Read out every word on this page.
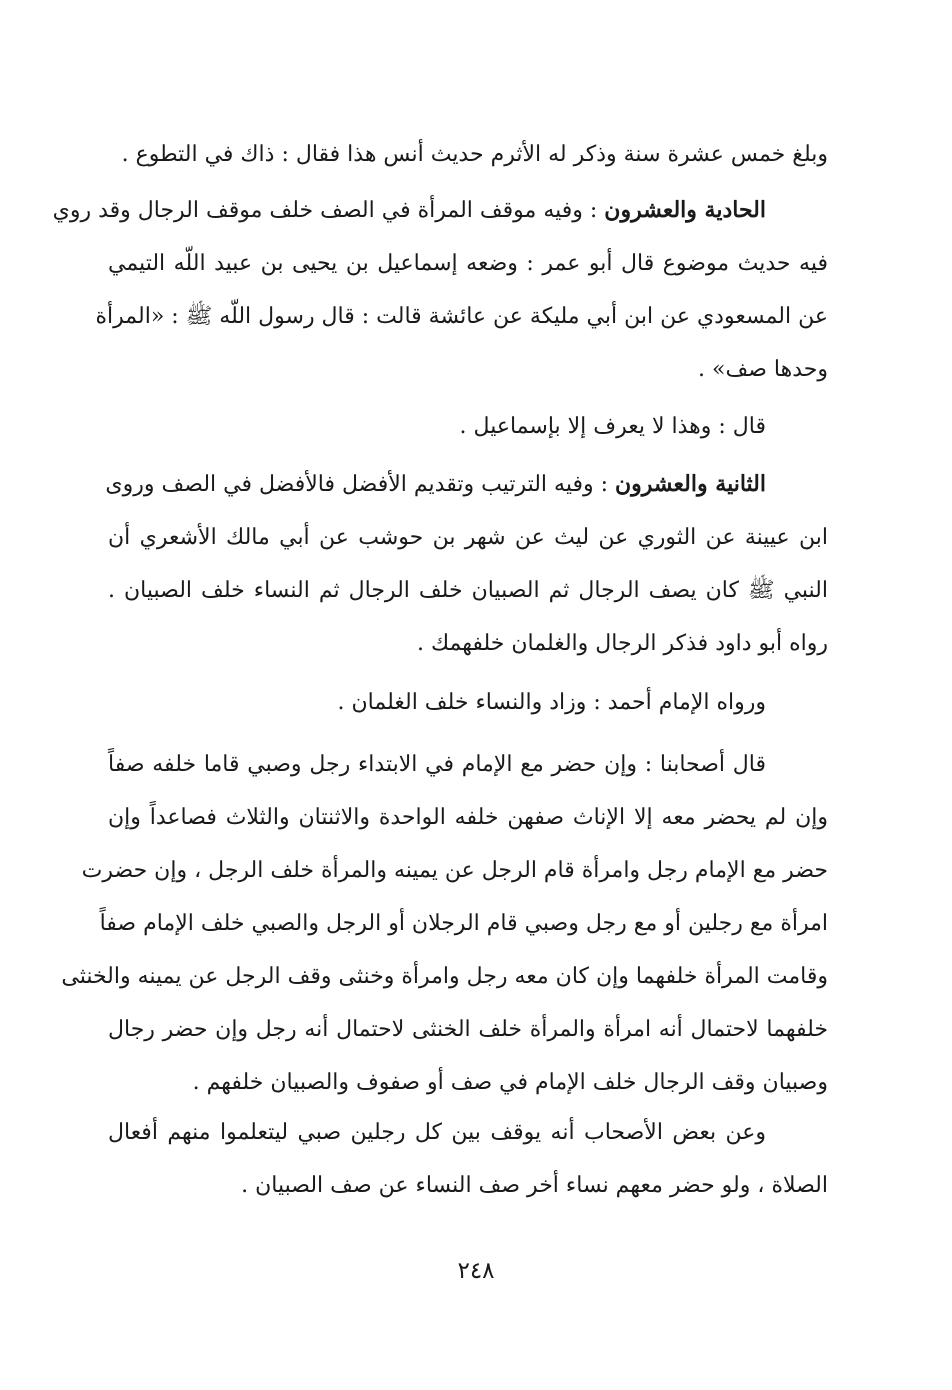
وبلغ خمس عشرة سنة وذكر له الأثرم حديث أنس هذا فقال : ذاك في التطوع .
الحادية والعشرون : وفيه موقف المرأة في الصف خلف موقف الرجال وقد روي
فيه حديث موضوع قال أبو عمر : وضعه إسماعيل بن يحيى بن عبيد اللّه التيمي
عن المسعودي عن ابن أبي مليكة عن عائشة قالت : قال رسول اللّه ﷺ : «المرأة
وحدها صف» .
قال : وهذا لا يعرف إلا بإسماعيل .
الثانية والعشرون : وفيه الترتيب وتقديم الأفضل فالأفضل في الصف وروى
ابن عيينة عن الثوري عن ليث عن شهر بن حوشب عن أبي مالك الأشعري أن
النبي ﷺ كان يصف الرجال ثم الصبيان خلف الرجال ثم النساء خلف الصبيان .
رواه أبو داود فذكر الرجال والغلمان خلفهمك .
ورواه الإمام أحمد : وزاد والنساء خلف الغلمان .
قال أصحابنا : وإن حضر مع الإمام في الابتداء رجل وصبي قاما خلفه صفاً
وإن لم يحضر معه إلا الإناث صفهن خلفه الواحدة والاثنتان والثلاث فصاعداً وإن
حضر مع الإمام رجل وامرأة قام الرجل عن يمينه والمرأة خلف الرجل ، وإن حضرت
امرأة مع رجلين أو مع رجل وصبي قام الرجلان أو الرجل والصبي خلف الإمام صفاً
وقامت المرأة خلفهما وإن كان معه رجل وامرأة وخنثى وقف الرجل عن يمينه والخنثى
خلفهما لاحتمال أنه امرأة والمرأة خلف الخنثى لاحتمال أنه رجل وإن حضر رجال
وصبيان وقف الرجال خلف الإمام في صف أو صفوف والصبيان خلفهم .
وعن بعض الأصحاب أنه يوقف بين كل رجلين صبي ليتعلموا منهم أفعال
الصلاة ، ولو حضر معهم نساء أخر صف النساء عن صف الصبيان .
٢٤٨
